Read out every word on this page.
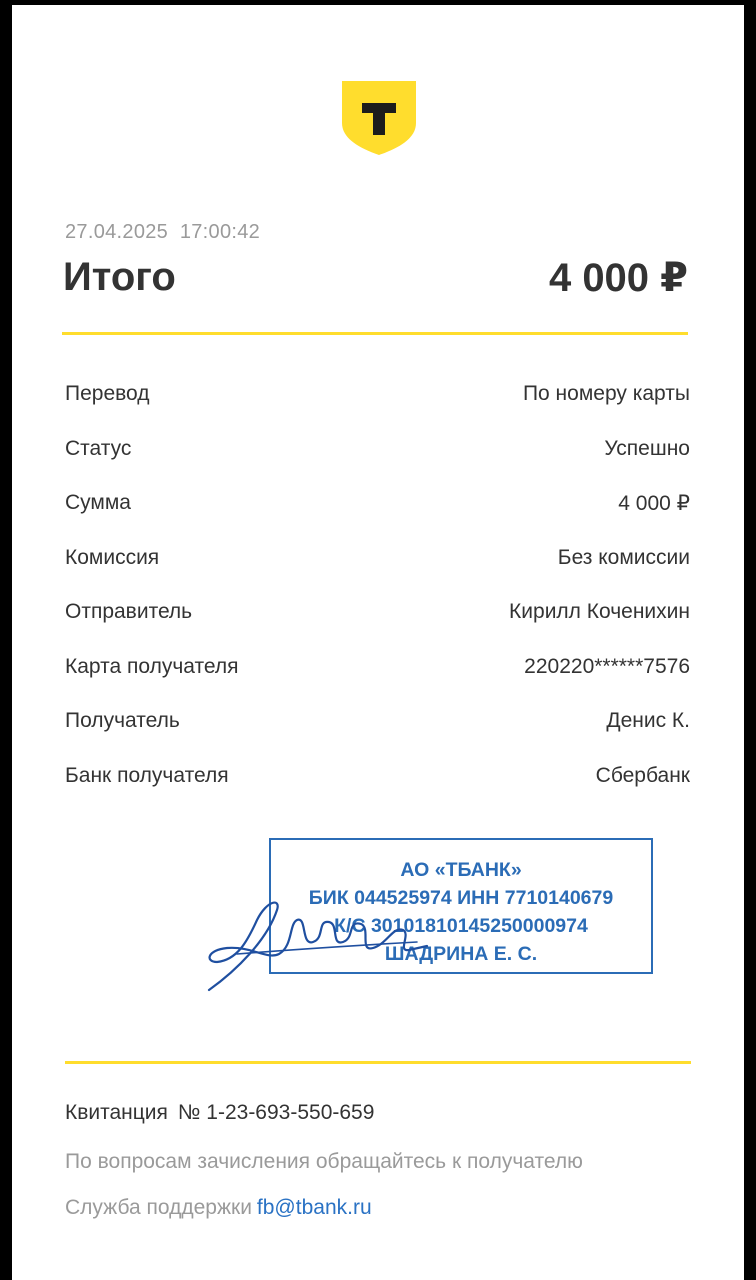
27.04.2025 17:00:42
Итого	4 000 ₽
Перевод	По номеру карты
Статус	Успешно
Сумма	4 000 ₽
Комиссия	Без комиссии
Отправитель	Кирилл Коченихин
Карта получателя	220220******7576
Получатель	Денис К.
Банк получателя	Сбербанк
АО «ТБАНК»
БИК 044525974 ИНН 7710140679
К/С 30101810145250000974
ШАДРИНА Е. С.
Квитанция № 1-23-693-550-659
По вопросам зачисления обращайтесь к получателю
Служба поддержки fb@tbank.ru
